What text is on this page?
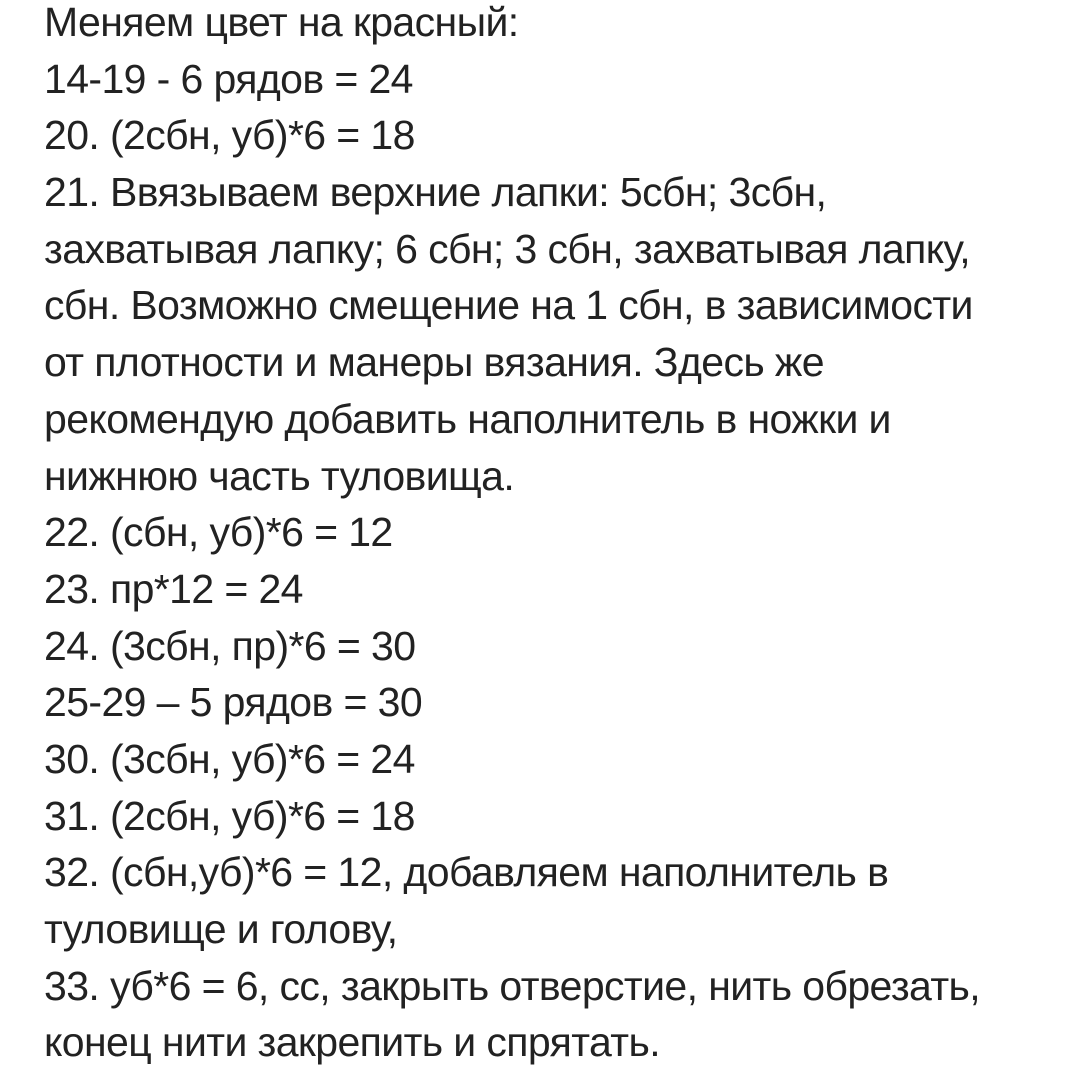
Меняем цвет на красный:
14-19 - 6 рядов = 24
20. (2сбн, уб)*6 = 18
21. Ввязываем верхние лапки: 5сбн; 3сбн,
захватывая лапку; 6 сбн; 3 сбн, захватывая лапку,
сбн. Возможно смещение на 1 сбн, в зависимости
от плотности и манеры вязания. Здесь же
рекомендую добавить наполнитель в ножки и
нижнюю часть туловища.
22. (сбн, уб)*6 = 12
23. пр*12 = 24
24. (3сбн, пр)*6 = 30
25-29 – 5 рядов = 30
30. (3сбн, уб)*6 = 24
31. (2сбн, уб)*6 = 18
32. (сбн,уб)*6 = 12, добавляем наполнитель в
туловище и голову,
33. уб*6 = 6, сс, закрыть отверстие, нить обрезать,
конец нити закрепить и спрятать.
